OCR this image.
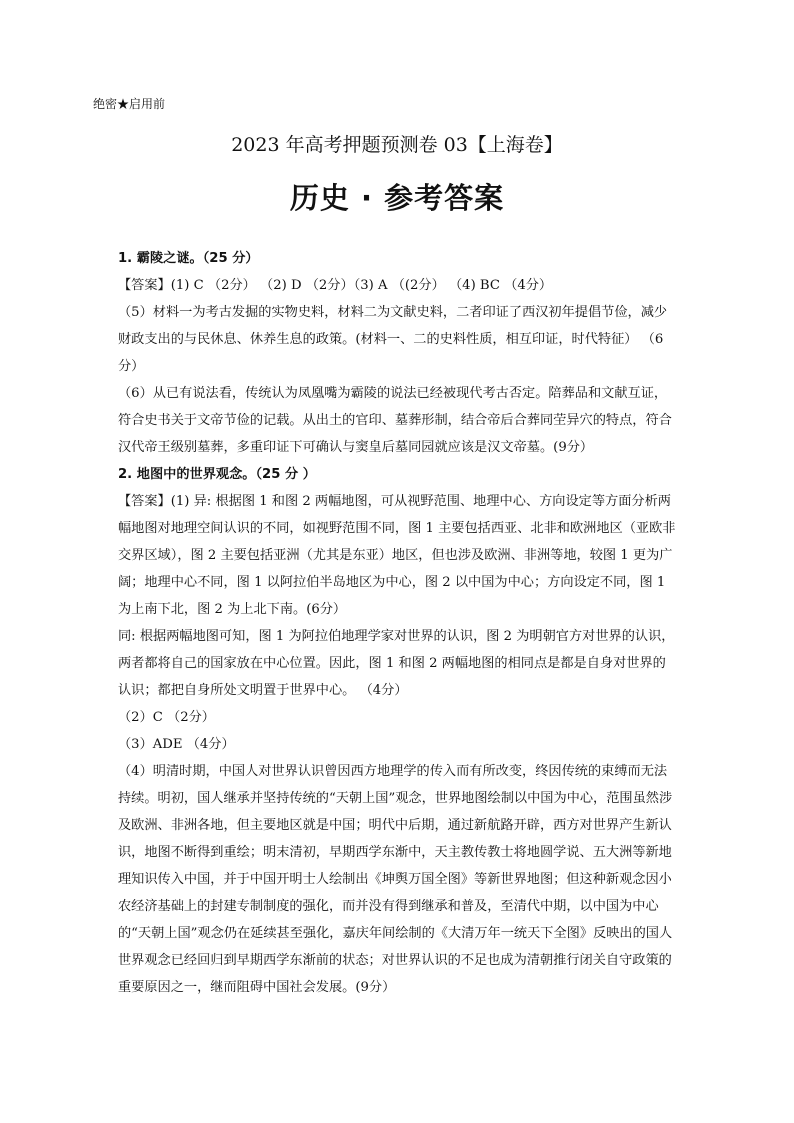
绝密★启用前
2023 年高考押题预测卷 03【上海卷】
历史 · 参考答案

1. 霸陵之谜。（25 分）

【答案】(1) C （2分） （2) D （2分）（3) A （(2分） （4) BC （4分）

（5）材料一为考古发掘的实物史料，材料二为文献史料，二者印证了西汉初年提倡节俭，减少财政支出的与民休息、休养生息的政策。(材料一、二的史料性质，相互印证，时代特征） （6分）

（6）从已有说法看，传统认为凤凰嘴为霸陵的说法已经被现代考古否定。陪葬品和文献互证，符合史书关于文帝节俭的记载。从出土的官印、墓葬形制，结合帝后合葬同茔异穴的特点，符合汉代帝王级别墓葬，多重印证下可确认与窦皇后墓同园就应该是汉文帝墓。(9分）

2. 地图中的世界观念。（25 分 ）

【答案】(1) 异: 根据图 1 和图 2 两幅地图，可从视野范围、地理中心、方向设定等方面分析两幅地图对地理空间认识的不同，如视野范围不同，图 1 主要包括西亚、北非和欧洲地区（亚欧非交界区域），图 2 主要包括亚洲（尤其是东亚）地区，但也涉及欧洲、非洲等地，较图 1 更为广阔；地理中心不同，图 1 以阿拉伯半岛地区为中心，图 2 以中国为中心；方向设定不同，图 1 为上南下北，图 2 为上北下南。(6分）

同: 根据两幅地图可知，图 1 为阿拉伯地理学家对世界的认识，图 2 为明朝官方对世界的认识，两者都将自己的国家放在中心位置。因此，图 1 和图 2 两幅地图的相同点是都是自身对世界的认识；都把自身所处文明置于世界中心。 （4分）

（2）C （2分）

（3）ADE （4分）

（4）明清时期，中国人对世界认识曾因西方地理学的传入而有所改变，终因传统的束缚而无法持续。明初，国人继承并坚持传统的“天朝上国”观念，世界地图绘制以中国为中心，范围虽然涉及欧洲、非洲各地，但主要地区就是中国；明代中后期，通过新航路开辟，西方对世界产生新认识，地图不断得到重绘；明末清初，早期西学东渐中，天主教传教士将地圆学说、五大洲等新地理知识传入中国，并于中国开明士人绘制出《坤舆万国全图》等新世界地图；但这种新观念因小农经济基础上的封建专制制度的强化，而并没有得到继承和普及，至清代中期，以中国为中心的“天朝上国”观念仍在延续甚至强化，嘉庆年间绘制的《大清万年一统天下全图》反映出的国人世界观念已经回归到早期西学东渐前的状态；对世界认识的不足也成为清朝推行闭关自守政策的重要原因之一，继而阻碍中国社会发展。(9分）
